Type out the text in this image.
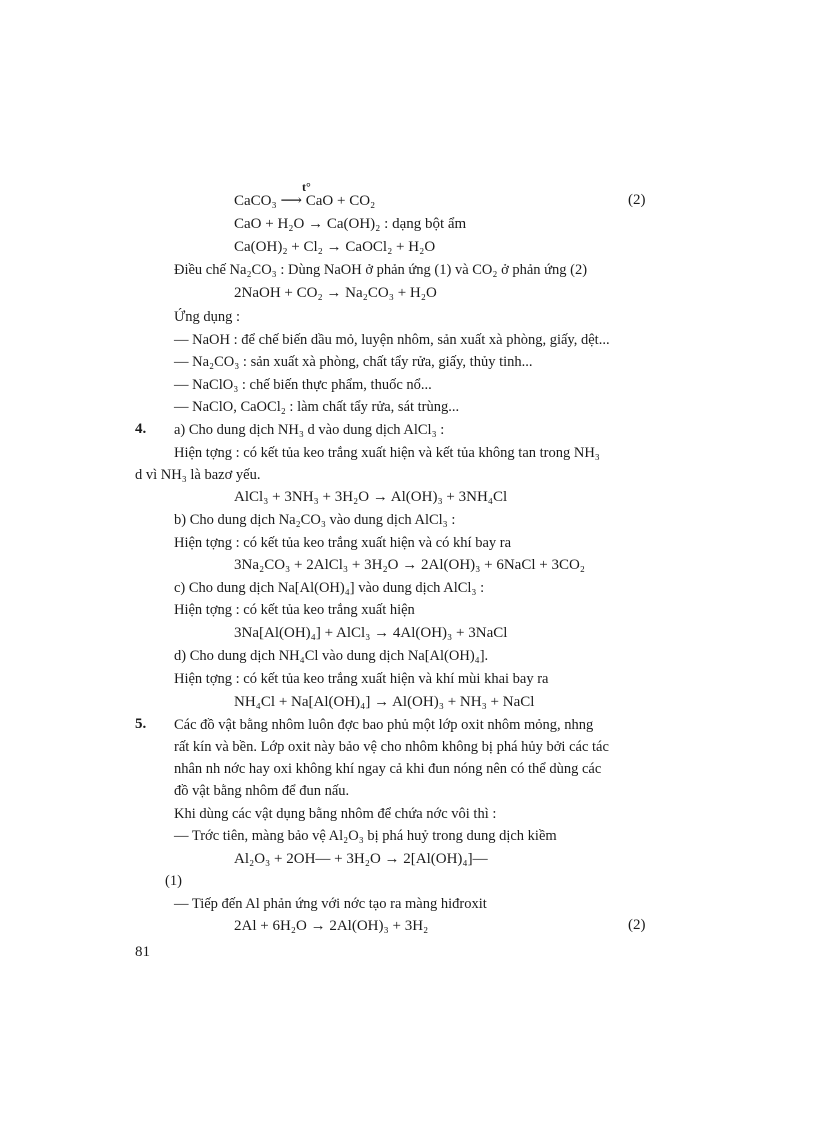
CaCO₃ ⟶ CaO + CO₂
t°
(2)
CaO + H₂O → Ca(OH)₂ : dạng bột ẩm
Ca(OH)₂ + Cl₂ → CaOCl₂ + H₂O
Điều chế Na₂CO₃ : Dùng NaOH ở phản ứng (1) và CO₂ ở phản ứng (2)
2NaOH + CO₂ → Na₂CO₃ + H₂O
Ứng dụng :
— NaOH : để chế biến dầu mỏ, luyện nhôm, sản xuất xà phòng, giấy, dệt...
— Na₂CO₃ : sản xuất xà phòng, chất tẩy rửa, giấy, thủy tinh...
— NaClO₃ : chế biến thực phẩm, thuốc nổ...
— NaClO, CaOCl₂ : làm chất tẩy rửa, sát trùng...
4. a) Cho dung dịch NH₃ d vào dung dịch AlCl₃ :
Hiện tợng : có kết tủa keo trắng xuất hiện và kết tủa không tan trong NH₃
d vì NH₃ là bazơ yếu.
AlCl₃ + 3NH₃ + 3H₂O → Al(OH)₃ + 3NH₄Cl
b) Cho dung dịch Na₂CO₃ vào dung dịch AlCl₃ :
Hiện tợng : có kết tủa keo trắng xuất hiện và có khí bay ra
3Na₂CO₃ + 2AlCl₃ + 3H₂O → 2Al(OH)₃ + 6NaCl + 3CO₂
c) Cho dung dịch Na[Al(OH)₄] vào dung dịch AlCl₃ :
Hiện tợng : có kết tủa keo trắng xuất hiện
3Na[Al(OH)₄] + AlCl₃ → 4Al(OH)₃ + 3NaCl
d) Cho dung dịch NH₄Cl vào dung dịch Na[Al(OH)₄].
Hiện tợng : có kết tủa keo trắng xuất hiện và khí mùi khai bay ra
NH₄Cl + Na[Al(OH)₄] → Al(OH)₃ + NH₃ + NaCl
5. Các đồ vật bằng nhôm luôn đợc bao phủ một lớp oxit nhôm mỏng, nhng
rất kín và bền. Lớp oxit này bảo vệ cho nhôm không bị phá hủy bởi các tác
nhân nh nớc hay oxi không khí ngay cả khi đun nóng nên có thể dùng các
đồ vật bằng nhôm để đun nấu.
Khi dùng các vật dụng bằng nhôm để chứa nớc vôi thì :
— Trớc tiên, màng bảo vệ Al₂O₃ bị phá huỷ trong dung dịch kiềm
Al₂O₃ + 2OH— + 3H₂O → 2[Al(OH)₄]—
(1)
— Tiếp đến Al phản ứng với nớc tạo ra màng hiđroxit
2Al + 6H₂O → 2Al(OH)₃ + 3H₂	(2)
81
